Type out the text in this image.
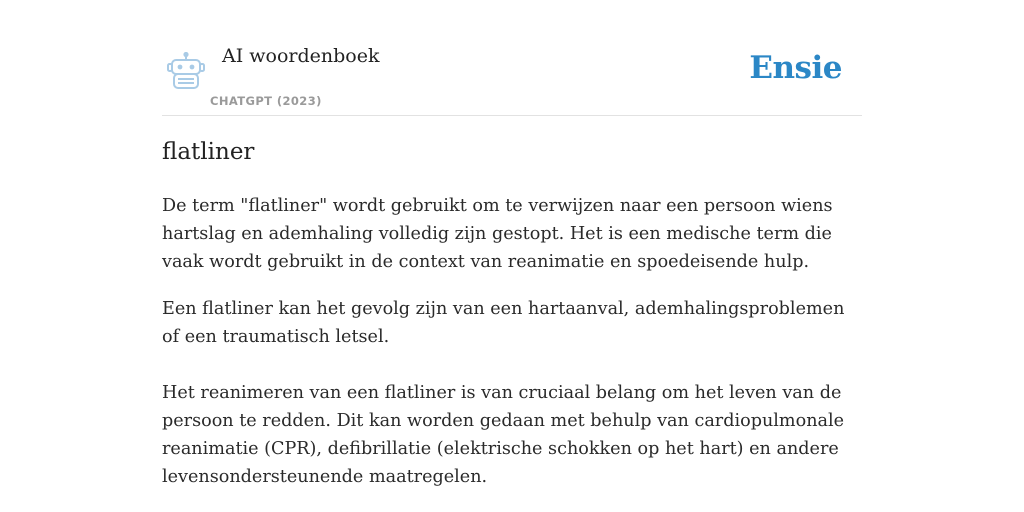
AI woordenboek
CHATGPT (2023)
Ensie
flatliner

De term "flatliner" wordt gebruikt om te verwijzen naar een persoon wiens hartslag en ademhaling volledig zijn gestopt. Het is een medische term die vaak wordt gebruikt in de context van reanimatie en spoedeisende hulp.

Een flatliner kan het gevolg zijn van een hartaanval, ademhalingsproblemen of een traumatisch letsel.

Het reanimeren van een flatliner is van cruciaal belang om het leven van de persoon te redden. Dit kan worden gedaan met behulp van cardiopulmonale reanimatie (CPR), defibrillatie (elektrische schokken op het hart) en andere levensondersteunende maatregelen.
